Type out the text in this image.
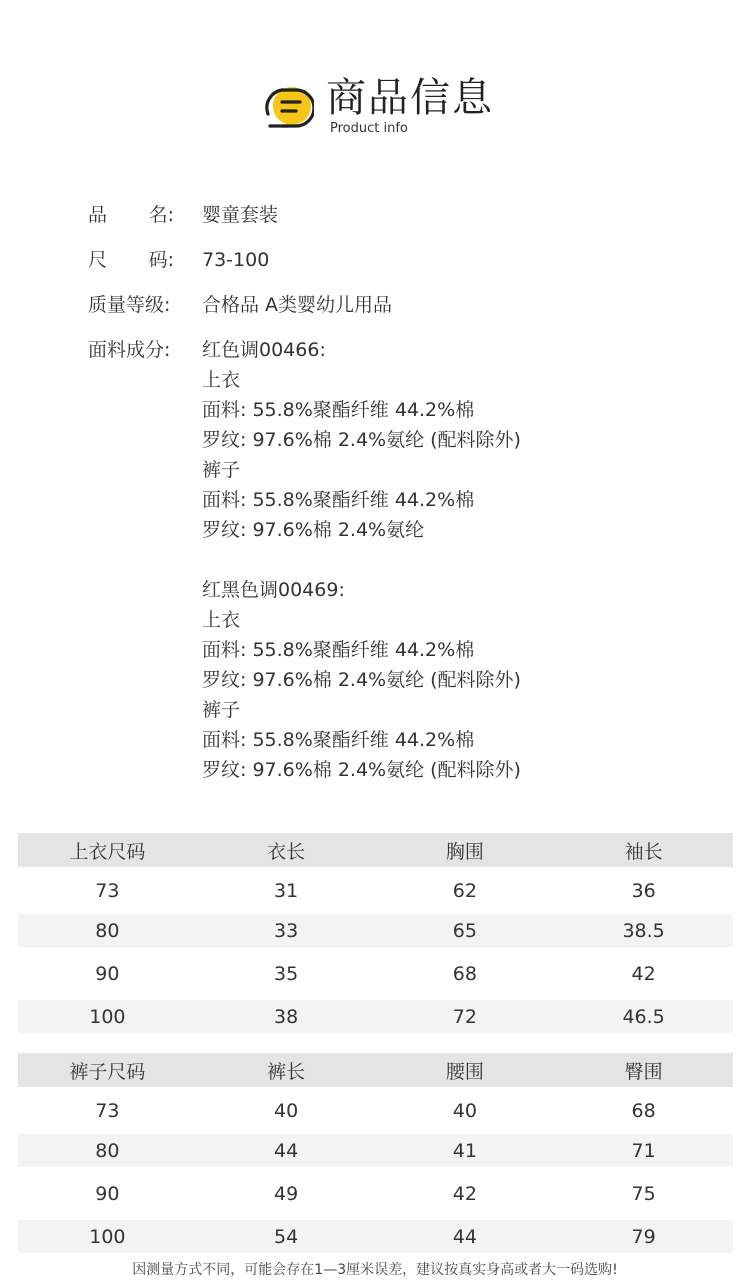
商品信息
Product info
品 名: 婴童套装
尺 码: 73-100
质量等级:	合格品 A类婴幼儿用品
面料成分:	红色调00466:
上衣
面料: 55.8%聚酯纤维 44.2%棉
罗纹: 97.6%棉 2.4%氨纶 (配料除外)
裤子
面料: 55.8%聚酯纤维 44.2%棉
罗纹: 97.6%棉 2.4%氨纶
红黑色调00469:
上衣
面料: 55.8%聚酯纤维 44.2%棉
罗纹: 97.6%棉 2.4%氨纶 (配料除外)
裤子
面料: 55.8%聚酯纤维 44.2%棉
罗纹: 97.6%棉 2.4%氨纶 (配料除外)
上衣尺码	衣长	胸围	袖长
73	31	62	36
80	33	65	38.5
90	35	68	42
100	38	72	46.5
裤子尺码	裤长	腰围	臀围
73	40	40	68
80	44	41	71
90	49	42	75
100	54	44	79
因测量方式不同，可能会存在1—3厘米误差，建议按真实身高或者大一码选购!
